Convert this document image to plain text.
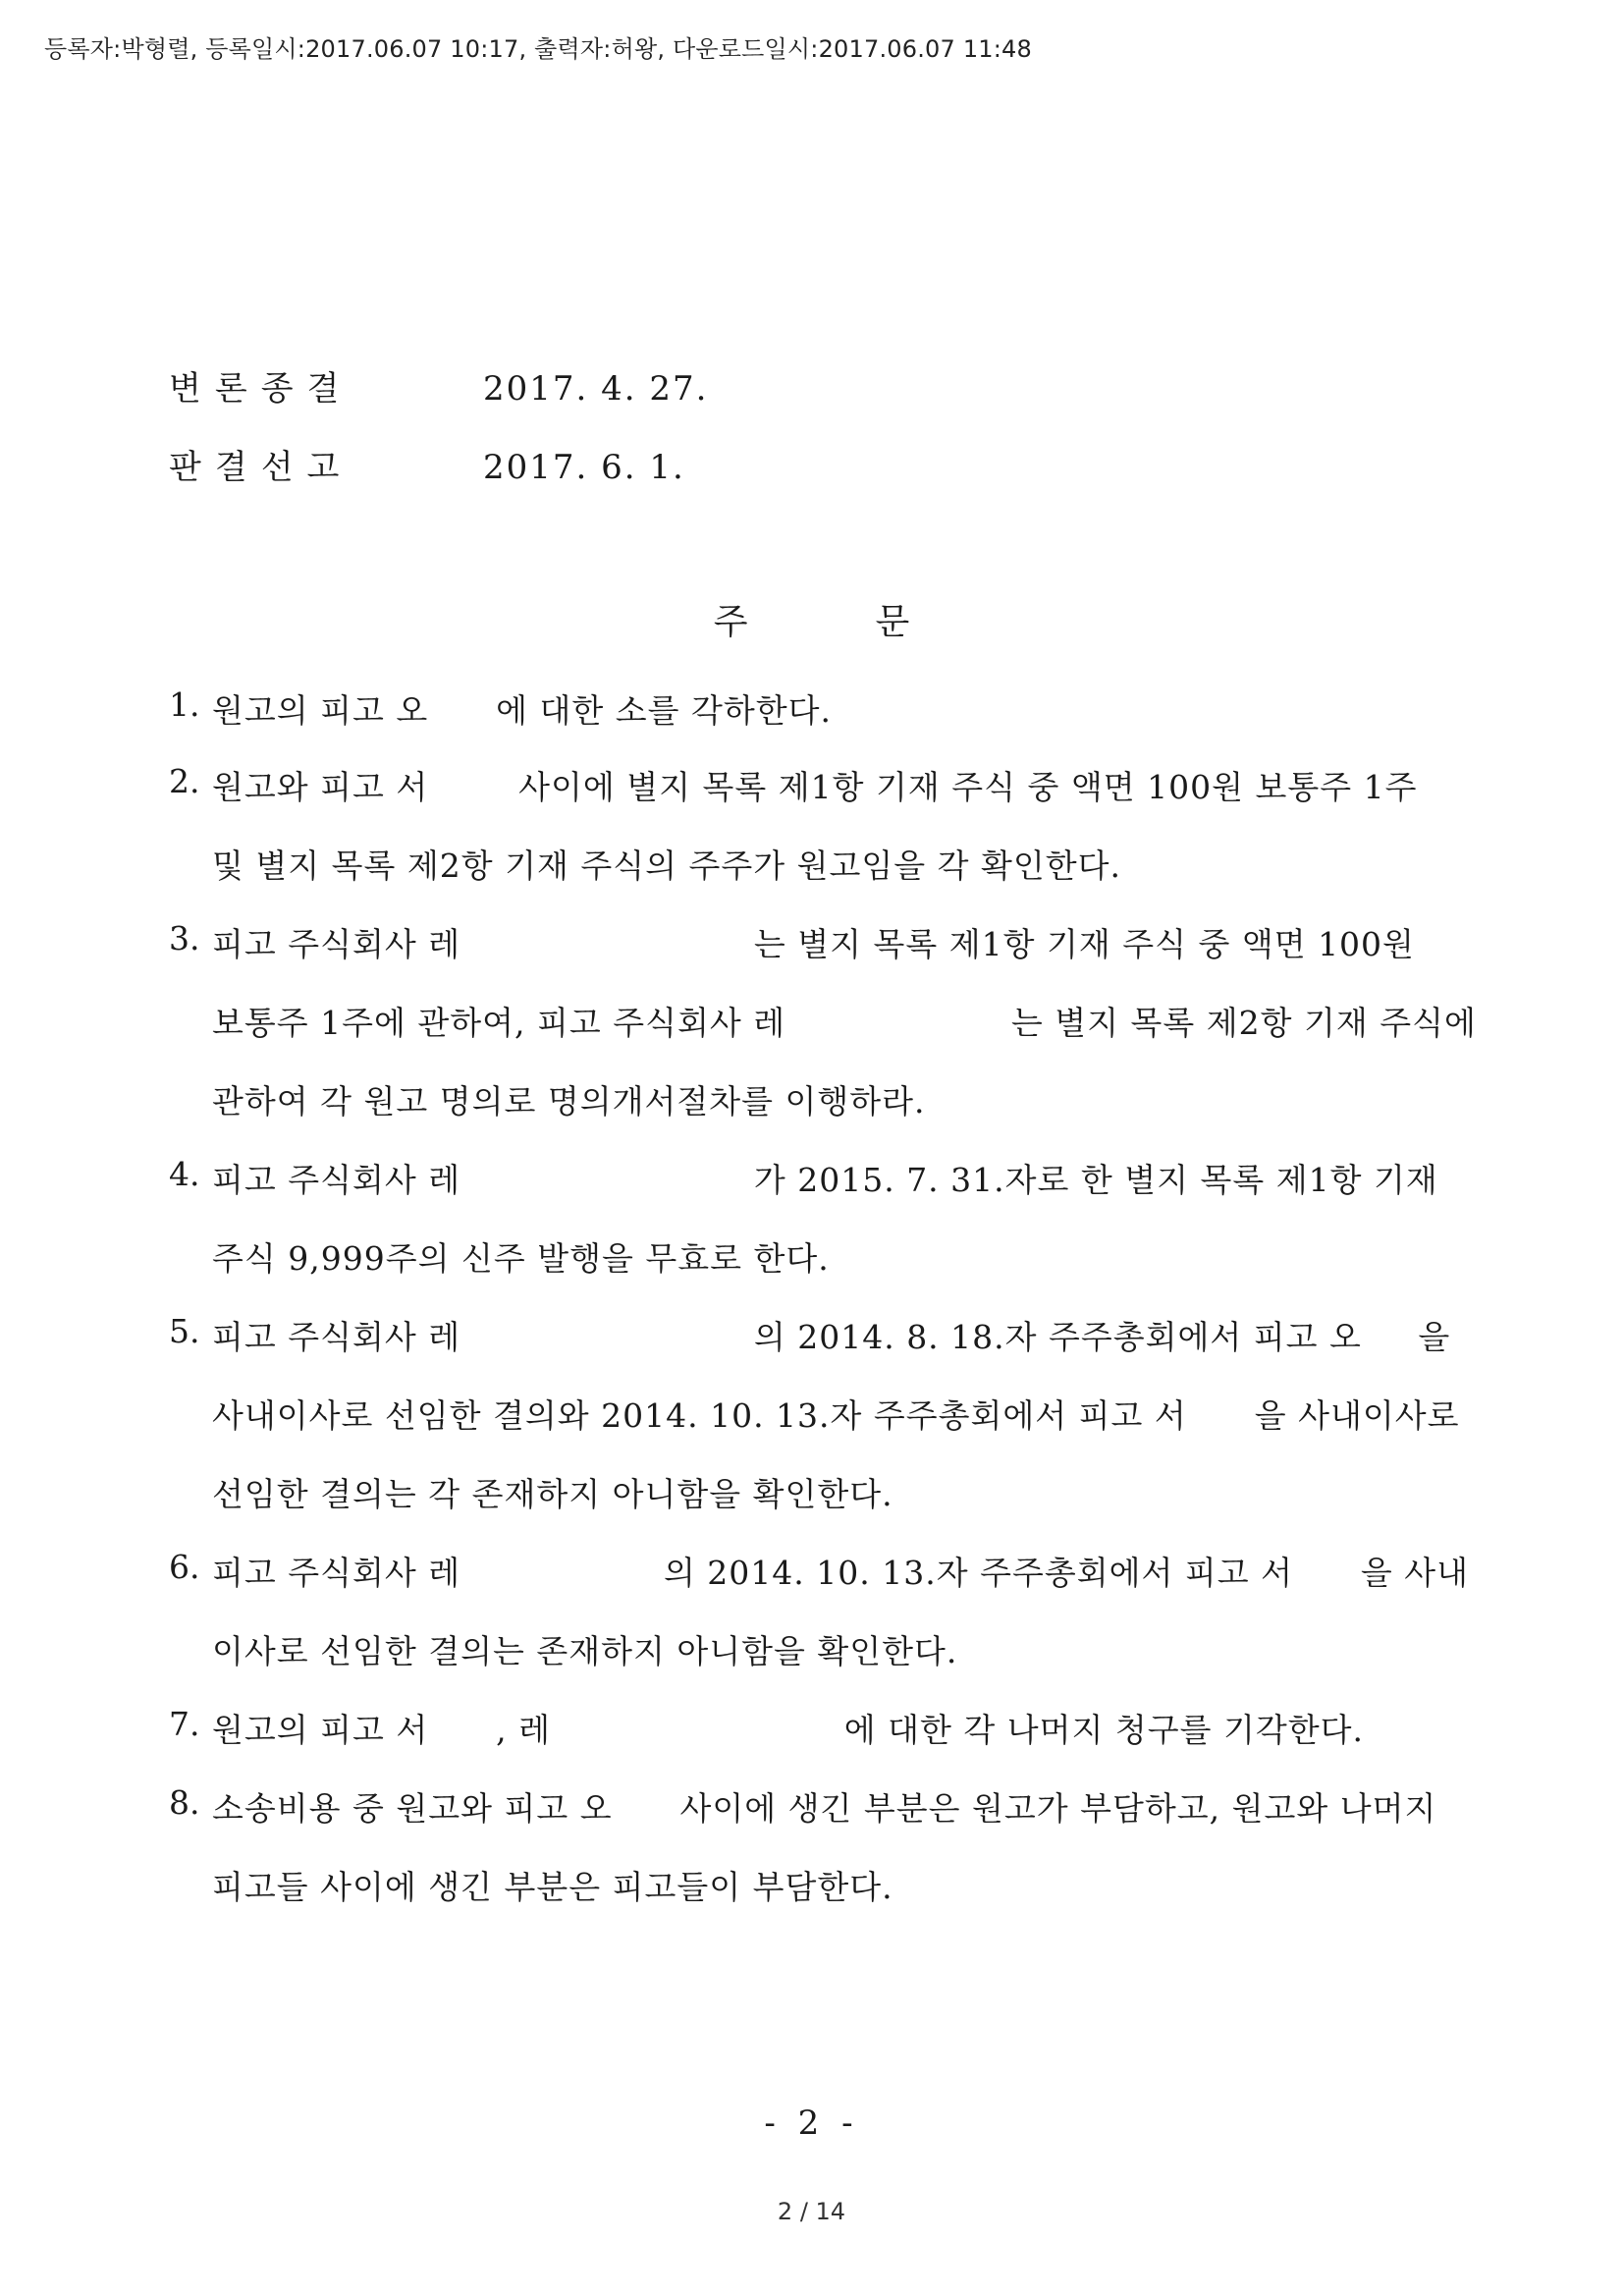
등록자:박형렬, 등록일시:2017.06.07 10:17, 출력자:허왕, 다운로드일시:2017.06.07 11:48
변론종결	2017. 4. 27.
판결선고	2017. 6. 1.
주문
1. 원고의 피고 오      에 대한 소를 각하한다.
2. 원고와 피고 서        사이에 별지 목록 제1항 기재 주식 중 액면 100원 보통주 1주
및 별지 목록 제2항 기재 주식의 주주가 원고임을 각 확인한다.
3. 피고 주식회사 레                          는 별지 목록 제1항 기재 주식 중 액면 100원
보통주 1주에 관하여, 피고 주식회사 레                    는 별지 목록 제2항 기재 주식에
관하여 각 원고 명의로 명의개서절차를 이행하라.
4. 피고 주식회사 레                          가 2015. 7. 31.자로 한 별지 목록 제1항 기재
주식 9,999주의 신주 발행을 무효로 한다.
5. 피고 주식회사 레                          의 2014. 8. 18.자 주주총회에서 피고 오     을
사내이사로 선임한 결의와 2014. 10. 13.자 주주총회에서 피고 서      을 사내이사로
선임한 결의는 각 존재하지 아니함을 확인한다.
6. 피고 주식회사 레                  의 2014. 10. 13.자 주주총회에서 피고 서      을 사내
이사로 선임한 결의는 존재하지 아니함을 확인한다.
7. 원고의 피고 서      , 레                          에 대한 각 나머지 청구를 기각한다.
8. 소송비용 중 원고와 피고 오      사이에 생긴 부분은 원고가 부담하고, 원고와 나머지
피고들 사이에 생긴 부분은 피고들이 부담한다.
- 2 -
2 / 14
